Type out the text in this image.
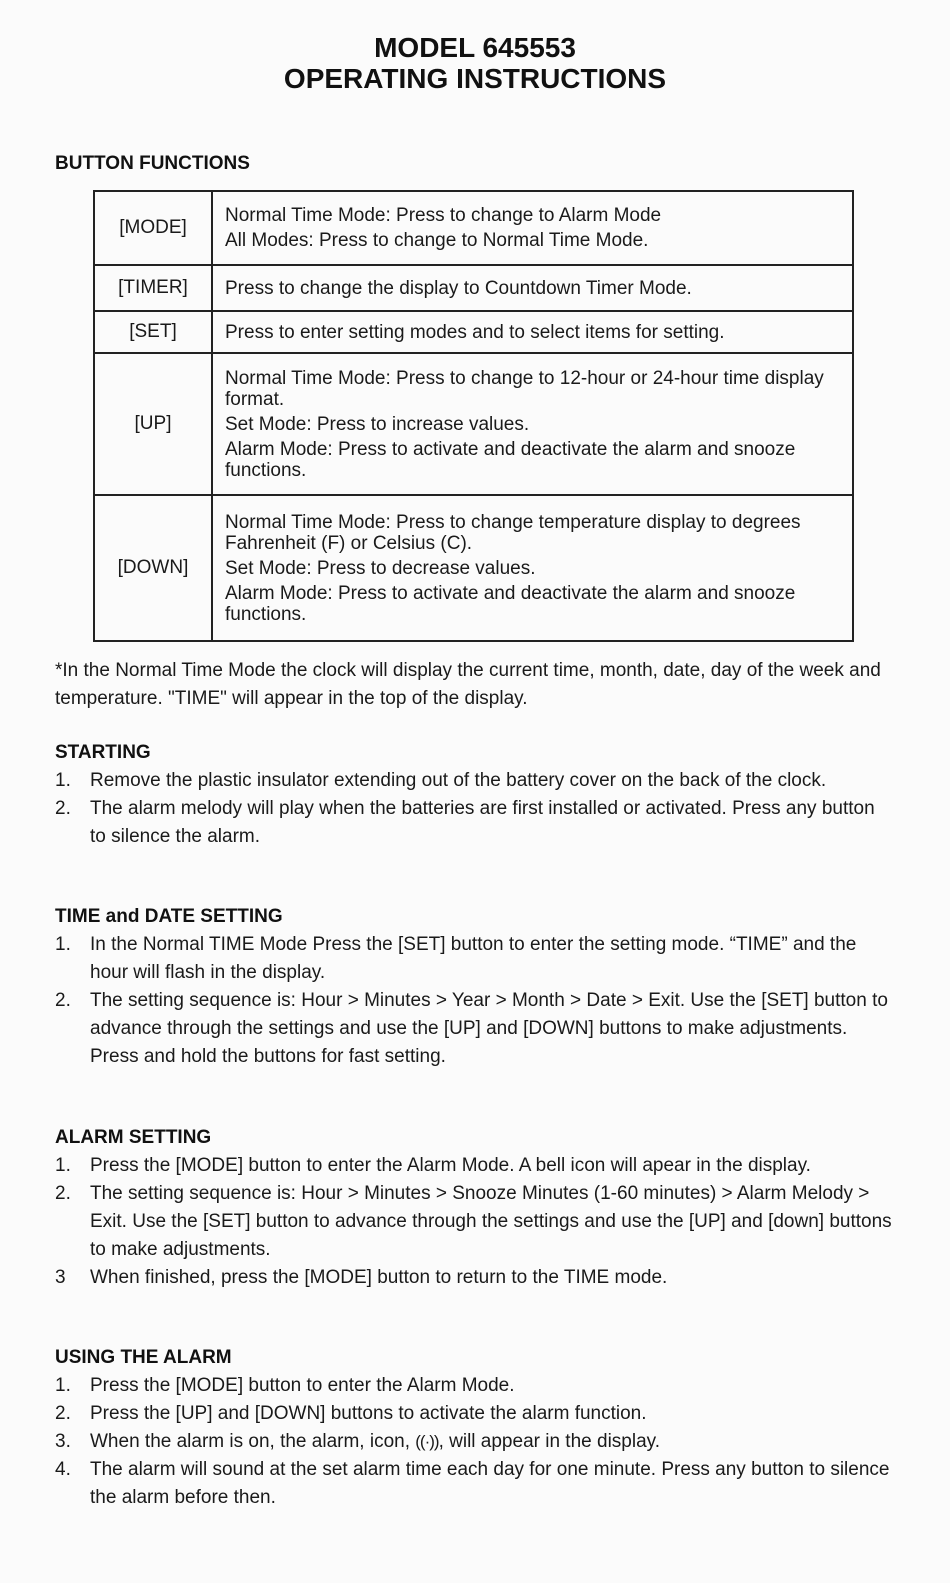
MODEL 645553
OPERATING INSTRUCTIONS
BUTTON FUNCTIONS
[MODE]	Normal Time Mode: Press to change to Alarm Mode
All Modes: Press to change to Normal Time Mode.

[TIMER]	Press to change the display to Countdown Timer Mode.

[SET]	Press to enter setting modes and to select items for setting.

[UP]	Normal Time Mode: Press to change to 12-hour or 24-hour time display format.
Set Mode: Press to increase values.
Alarm Mode: Press to activate and deactivate the alarm and snooze functions.

[DOWN]	Normal Time Mode: Press to change temperature display to degrees Fahrenheit (F) or Celsius (C).
Set Mode: Press to decrease values.
Alarm Mode: Press to activate and deactivate the alarm and snooze functions.
*In the Normal Time Mode the clock will display the current time, month, date, day of the week and temperature. "TIME" will appear in the top of the display.
STARTING
1. Remove the plastic insulator extending out of the battery cover on the back of the clock.
2. The alarm melody will play when the batteries are first installed or activated. Press any button to silence the alarm.
TIME and DATE SETTING
1. In the Normal TIME Mode Press the [SET] button to enter the setting mode. “TIME” and the hour will flash in the display.
2. The setting sequence is: Hour > Minutes > Year > Month > Date > Exit. Use the [SET] button to advance through the settings and use the [UP] and [DOWN] buttons to make adjustments. Press and hold the buttons for fast setting.
ALARM SETTING
1. Press the [MODE] button to enter the Alarm Mode. A bell icon will apear in the display.
2. The setting sequence is: Hour > Minutes > Snooze Minutes (1-60 minutes) > Alarm Melody > Exit. Use the [SET] button to advance through the settings and use the [UP] and [down] buttons to make adjustments.
3	When finished, press the [MODE] button to return to the TIME mode.
USING THE ALARM
1. Press the [MODE] button to enter the Alarm Mode.
2. Press the [UP] and [DOWN] buttons to activate the alarm function.
3. When the alarm is on, the alarm, icon, ((·)), will appear in the display.
4. The alarm will sound at the set alarm time each day for one minute. Press any button to silence the alarm before then.
